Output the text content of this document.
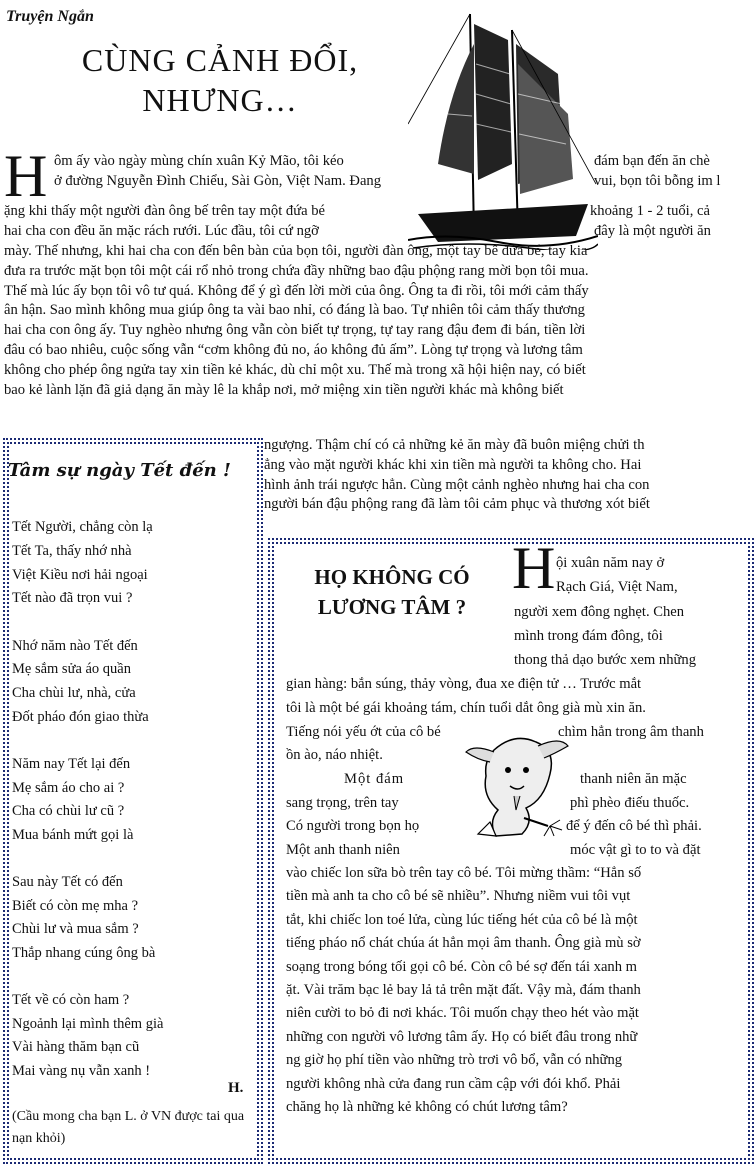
Truyện Ngắn
CÙNG CẢNH ĐỔI,
NHƯNG…
H ôm ấy vào ngày mùng chín xuân Kỷ Mão, tôi kéo	đám bạn đến ăn chè
ở đường Nguyễn Đình Chiểu, Sài Gòn, Việt Nam. Đang	vui, bọn tôi bỗng im l
ặng khi thấy một người đàn ông bế trên tay một đứa bé	khoảng 1 - 2 tuổi, cả
hai cha con đều ăn mặc rách rưới. Lúc đầu, tôi cứ ngỡ	đây là một người ăn
mày. Thế nhưng, khi hai cha con đến bên bàn của bọn tôi, người đàn ông, một tay bế đứa bé, tay kia
đưa ra trước mặt bọn tôi một cái rổ nhỏ trong chứa đầy những bao đậu phộng rang mời bọn tôi mua.
Thế mà lúc ấy bọn tôi vô tư quá. Không để ý gì đến lời mời của ông. Ông ta đi rồi, tôi mới cảm thấy
ân hận. Sao mình không mua giúp ông ta vài bao nhỉ, có đáng là bao. Tự nhiên tôi cảm thấy thương
hai cha con ông ấy. Tuy nghèo nhưng ông vẫn còn biết tự trọng, tự tay rang đậu đem đi bán, tiền lời
đâu có bao nhiêu, cuộc sống vẫn “cơm không đủ no, áo không đủ ấm”. Lòng tự trọng và lương tâm
không cho phép ông ngửa tay xin tiền kẻ khác, dù chỉ một xu. Thế mà trong xã hội hiện nay, có biết
bao kẻ lành lặn đã giả dạng ăn mày lê la khắp nơi, mở miệng xin tiền người khác mà không biết
ngượng. Thậm chí có cả những kẻ ăn mày đã buôn miệng chửi th
ẳng vào mặt người khác khi xin tiền mà người ta không cho. Hai
hình ảnh trái ngược hẳn. Cùng một cảnh nghèo nhưng hai cha con
người bán đậu phộng rang đã làm tôi cảm phục và thương xót biết
Tâm sự ngày Tết đến !
Tết Người, chẳng còn lạ
Tết Ta, thấy nhớ nhà
Việt Kiều nơi hải ngoại
Tết nào đã trọn vui ?
Nhớ năm nào Tết đến
Mẹ sắm sửa áo quần
Cha chùi lư, nhà, cửa
Đốt pháo đón giao thừa
Năm nay Tết lại đến
Mẹ sắm áo cho ai ?
Cha có chùi lư cũ ?
Mua bánh mứt gọi là
Sau này Tết có đến
Biết có còn mẹ mha ?
Chùi lư và mua sắm ?
Thắp nhang cúng ông bà
Tết về có còn ham ?
Ngoảnh lại mình thêm già
Vài hàng thăm bạn cũ
Mai vàng nụ vẫn xanh !
H.
(Cầu mong cha bạn L. ở VN được tai qua nạn khỏi)
HỌ KHÔNG CÓ
LƯƠNG TÂM ?
H ội xuân năm nay ở
Rạch Giá, Việt Nam,
người xem đông nghẹt. Chen
mình trong đám đông, tôi
thong thả dạo bước xem những
gian hàng: bắn súng, thảy vòng, đua xe điện tử … Trước mắt
tôi là một bé gái khoảng tám, chín tuổi dắt ông già mù xin ăn.
Tiếng nói yếu ớt của cô bé	chìm hẳn trong âm thanh
ồn ào, náo nhiệt.
Một đám	thanh niên ăn mặc
sang trọng, trên tay	phì phèo điếu thuốc.
Có người trong bọn họ	để ý đến cô bé thì phải.
Một anh thanh niên	móc vật gì to to và đặt
vào chiếc lon sữa bò trên tay cô bé. Tôi mừng thầm: “Hẳn số
tiền mà anh ta cho cô bé sẽ nhiều”. Nhưng niềm vui tôi vụt
tắt, khi chiếc lon toé lửa, cùng lúc tiếng hét của cô bé là một
tiếng pháo nổ chát chúa át hẳn mọi âm thanh. Ông già mù sờ
soạng trong bóng tối gọi cô bé. Còn cô bé sợ đến tái xanh m
ặt. Vài trăm bạc lẻ bay lả tả trên mặt đất. Vậy mà, đám thanh
niên cười to bỏ đi nơi khác. Tôi muốn chạy theo hét vào mặt
những con người vô lương tâm ấy. Họ có biết đâu trong nhữ
ng giờ họ phí tiền vào những trò trơi vô bổ, vẫn có những
người không nhà cửa đang run cầm cập với đói khổ. Phải
chăng họ là những kẻ không có chút lương tâm?
